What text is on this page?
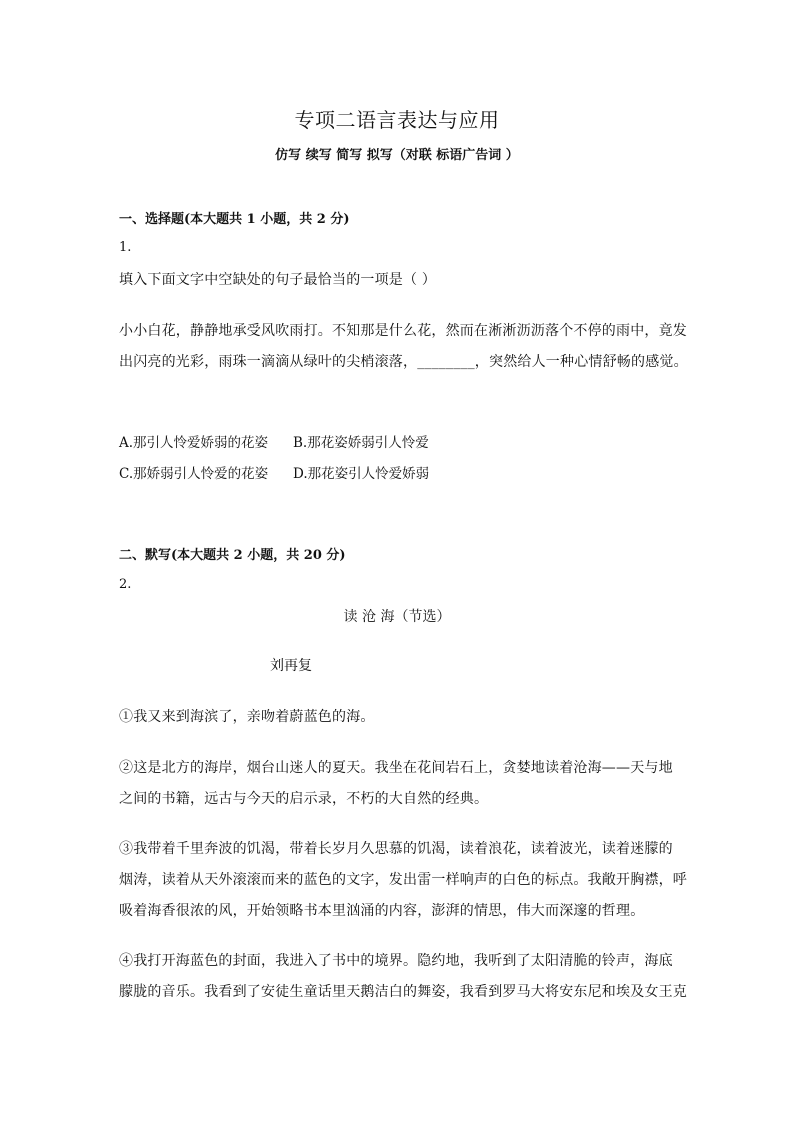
专项二语言表达与应用
仿写 续写 简写 拟写（对联 标语广告词 ）
一、选择题(本大题共 1 小题，共 2 分)
1.
填入下面文字中空缺处的句子最恰当的一项是（ ）
小小白花，静静地承受风吹雨打。不知那是什么花，然而在淅淅沥沥落个不停的雨中，竟发
出闪亮的光彩，雨珠一滴滴从绿叶的尖梢滚落，________，突然给人一种心情舒畅的感觉。
A.那引人怜爱娇弱的花姿 B.那花姿娇弱引人怜爱
C.那娇弱引人怜爱的花姿 D.那花姿引人怜爱娇弱
二、默写(本大题共 2 小题，共 20 分)
2.
读 沧 海（节选）
刘再复
①我又来到海滨了，亲吻着蔚蓝色的海。
②这是北方的海岸，烟台山迷人的夏天。我坐在花间岩石上，贪婪地读着沧海——天与地
之间的书籍，远古与今天的启示录，不朽的大自然的经典。
③我带着千里奔波的饥渴，带着长岁月久思慕的饥渴，读着浪花，读着波光，读着迷朦的
烟涛，读着从天外滚滚而来的蓝色的文字，发出雷一样响声的白色的标点。我敞开胸襟，呼
吸着海香很浓的风，开始领略书本里汹涌的内容，澎湃的情思，伟大而深邃的哲理。
④我打开海蓝色的封面，我进入了书中的境界。隐约地，我听到了太阳清脆的铃声，海底
朦胧的音乐。我看到了安徒生童话里天鹅洁白的舞姿，我看到罗马大将安东尼和埃及女王克
